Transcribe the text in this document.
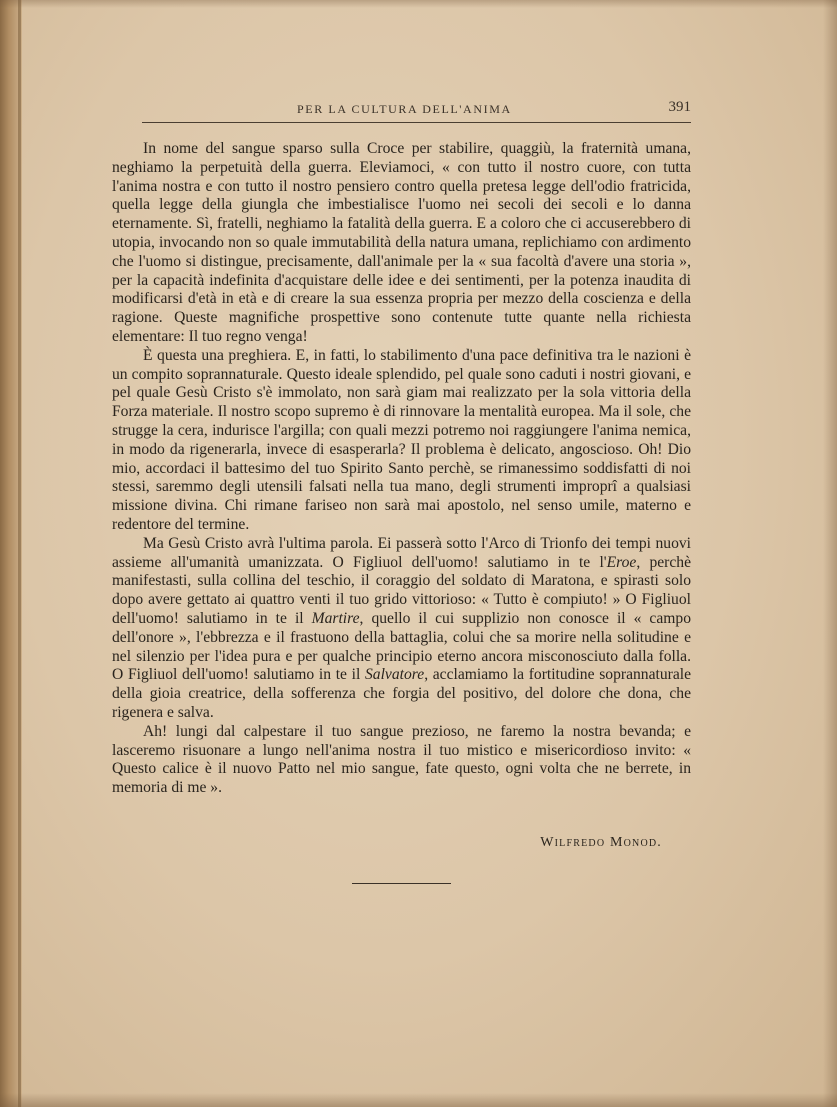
PER LA CULTURA DELL'ANIMA	391

In nome del sangue sparso sulla Croce per stabilire, quaggiù, la fraternità umana, neghiamo la perpetuità della guerra. Eleviamoci, « con tutto il nostro cuore, con tutta l'anima nostra e con tutto il nostro pensiero contro quella pretesa legge dell'odio fratricida, quella legge della giungla che imbestialisce l'uomo nei secoli dei secoli e lo danna eternamente. Sì, fratelli, neghiamo la fatalità della guerra. E a coloro che ci accuserebbero di utopia, invocando non so quale immutabilità della natura umana, replichiamo con ardimento che l'uomo si distingue, precisamente, dall'animale per la « sua facoltà d'avere una storia », per la capacità indefinita d'acquistare delle idee e dei sentimenti, per la potenza inaudita di modificarsi d'età in età e di creare la sua essenza propria per mezzo della coscienza e della ragione. Queste magnifiche prospettive sono contenute tutte quante nella richiesta elementare: Il tuo regno venga!

È questa una preghiera. E, in fatti, lo stabilimento d'una pace definitiva tra le nazioni è un compito soprannaturale. Questo ideale splendido, pel quale sono caduti i nostri giovani, e pel quale Gesù Cristo s'è immolato, non sarà giam mai realizzato per la sola vittoria della Forza materiale. Il nostro scopo supremo è di rinnovare la mentalità europea. Ma il sole, che strugge la cera, indurisce l'argilla; con quali mezzi potremo noi raggiungere l'anima nemica, in modo da rigenerarla, invece di esasperarla? Il problema è delicato, angoscioso. Oh! Dio mio, accordaci il battesimo del tuo Spirito Santo perchè, se rimanessimo soddisfatti di noi stessi, saremmo degli utensili falsati nella tua mano, degli strumenti improprî a qualsiasi missione divina. Chi rimane fariseo non sarà mai apostolo, nel senso umile, materno e redentore del termine.

Ma Gesù Cristo avrà l'ultima parola. Ei passerà sotto l'Arco di Trionfo dei tempi nuovi assieme all'umanità umanizzata. O Figliuol dell'uomo! salutiamo in te l'Eroe, perchè manifestasti, sulla collina del teschio, il coraggio del soldato di Maratona, e spirasti solo dopo avere gettato ai quattro venti il tuo grido vittorioso: « Tutto è compiuto! » O Figliuol dell'uomo! salutiamo in te il Martire, quello il cui supplizio non conosce il « campo dell'onore », l'ebbrezza e il frastuono della battaglia, colui che sa morire nella solitudine e nel silenzio per l'idea pura e per qualche principio eterno ancora misconosciuto dalla folla. O Figliuol dell'uomo! salutiamo in te il Salvatore, acclamiamo la fortitudine soprannaturale della gioia creatrice, della sofferenza che forgia del positivo, del dolore che dona, che rigenera e salva.

Ah! lungi dal calpestare il tuo sangue prezioso, ne faremo la nostra bevanda; e lasceremo risuonare a lungo nell'anima nostra il tuo mistico e misericordioso invito: « Questo calice è il nuovo Patto nel mio sangue, fate questo, ogni volta che ne berrete, in memoria di me ».

Wilfredo Monod.
